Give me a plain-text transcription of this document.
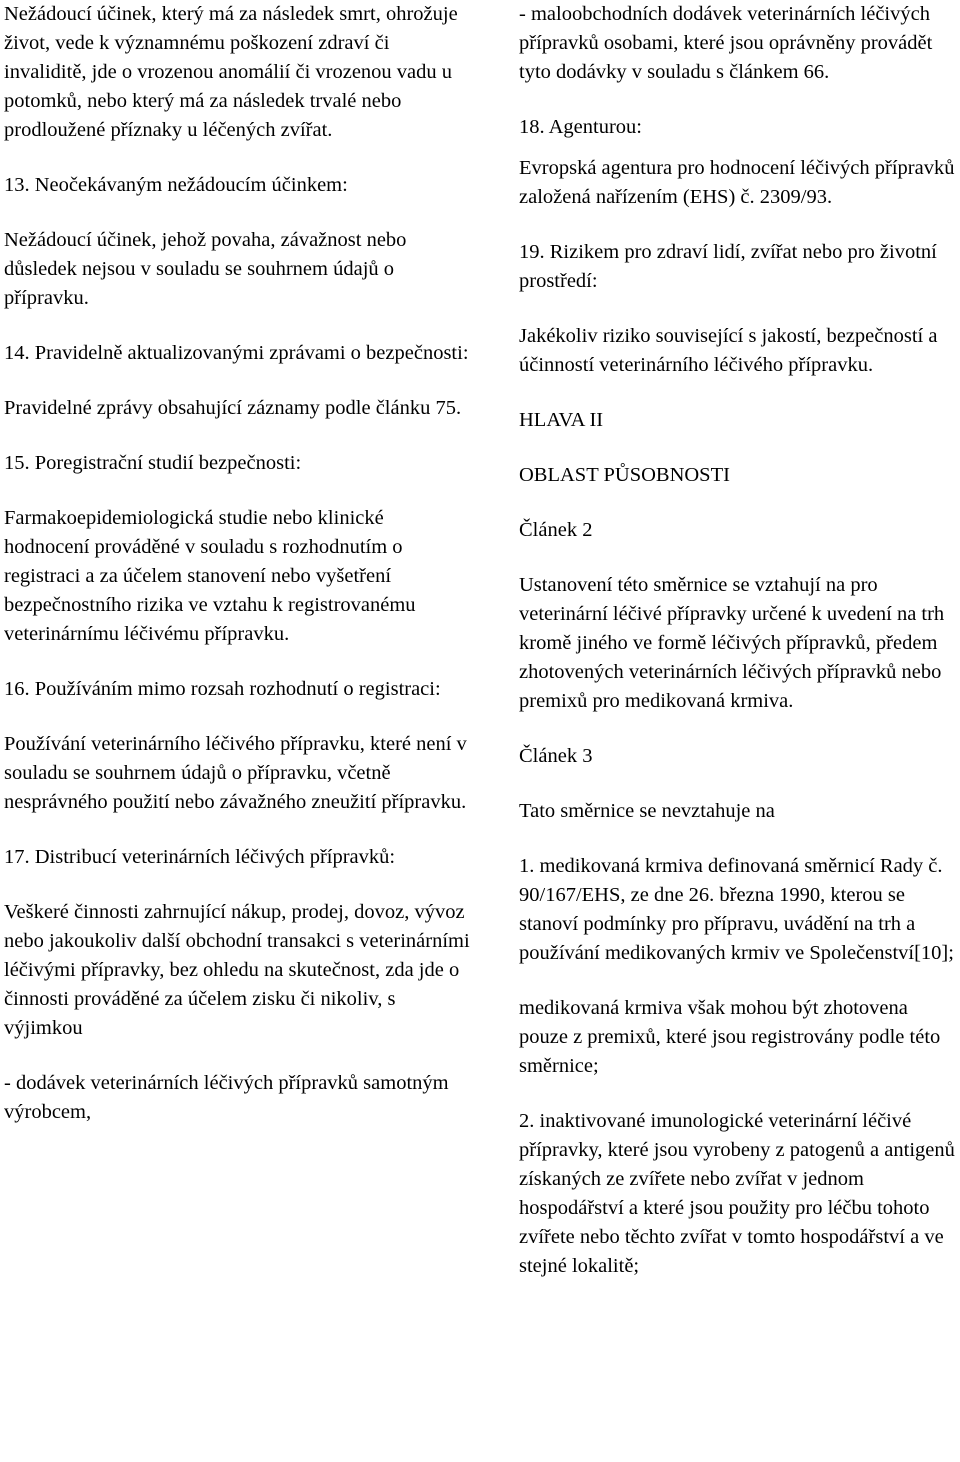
Nežádoucí účinek, který má za následek smrt, ohrožuje život, vede k významnému poškození zdraví či invaliditě, jde o vrozenou anomálií či vrozenou vadu u potomků, nebo který má za následek trvalé nebo prodloužené příznaky u léčených zvířat.

13. Neočekávaným nežádoucím účinkem:

Nežádoucí účinek, jehož povaha, závažnost nebo důsledek nejsou v souladu se souhrnem údajů o přípravku.

14. Pravidelně aktualizovanými zprávami o bezpečnosti:

Pravidelné zprávy obsahující záznamy podle článku 75.

15. Poregistrační studií bezpečnosti:

Farmakoepidemiologická studie nebo klinické hodnocení prováděné v souladu s rozhodnutím o registraci a za účelem stanovení nebo vyšetření bezpečnostního rizika ve vztahu k registrovanému veterinárnímu léčivému přípravku.

16. Používáním mimo rozsah rozhodnutí o registraci:

Používání veterinárního léčivého přípravku, které není v souladu se souhrnem údajů o přípravku, včetně nesprávného použití nebo závažného zneužití přípravku.

17. Distribucí veterinárních léčivých přípravků:

Veškeré činnosti zahrnující nákup, prodej, dovoz, vývoz nebo jakoukoliv další obchodní transakci s veterinárními léčivými přípravky, bez ohledu na skutečnost, zda jde o činnosti prováděné za účelem zisku či nikoliv, s výjimkou

- dodávek veterinárních léčivých přípravků samotným výrobcem,

- maloobchodních dodávek veterinárních léčivých přípravků osobami, které jsou oprávněny provádět tyto dodávky v souladu s článkem 66.

18. Agenturou:

Evropská agentura pro hodnocení léčivých přípravků založená nařízením (EHS) č. 2309/93.

19. Rizikem pro zdraví lidí, zvířat nebo pro životní prostředí:

Jakékoliv riziko související s jakostí, bezpečností a účinností veterinárního léčivého přípravku.

HLAVA II

OBLAST PŮSOBNOSTI

Článek 2

Ustanovení této směrnice se vztahují na pro veterinární léčivé přípravky určené k uvedení na trh kromě jiného ve formě léčivých přípravků, předem zhotovených veterinárních léčivých přípravků nebo premixů pro medikovaná krmiva.

Článek 3

Tato směrnice se nevztahuje na

1. medikovaná krmiva definovaná směrnicí Rady č. 90/167/EHS, ze dne 26. března 1990, kterou se stanoví podmínky pro přípravu, uvádění na trh a používání medikovaných krmiv ve Společenství[10];

medikovaná krmiva však mohou být zhotovena pouze z premixů, které jsou registrovány podle této směrnice;

2. inaktivované imunologické veterinární léčivé přípravky, které jsou vyrobeny z patogenů a antigenů získaných ze zvířete nebo zvířat v jednom hospodářství a které jsou použity pro léčbu tohoto zvířete nebo těchto zvířat v tomto hospodářství a ve stejné lokalitě;
